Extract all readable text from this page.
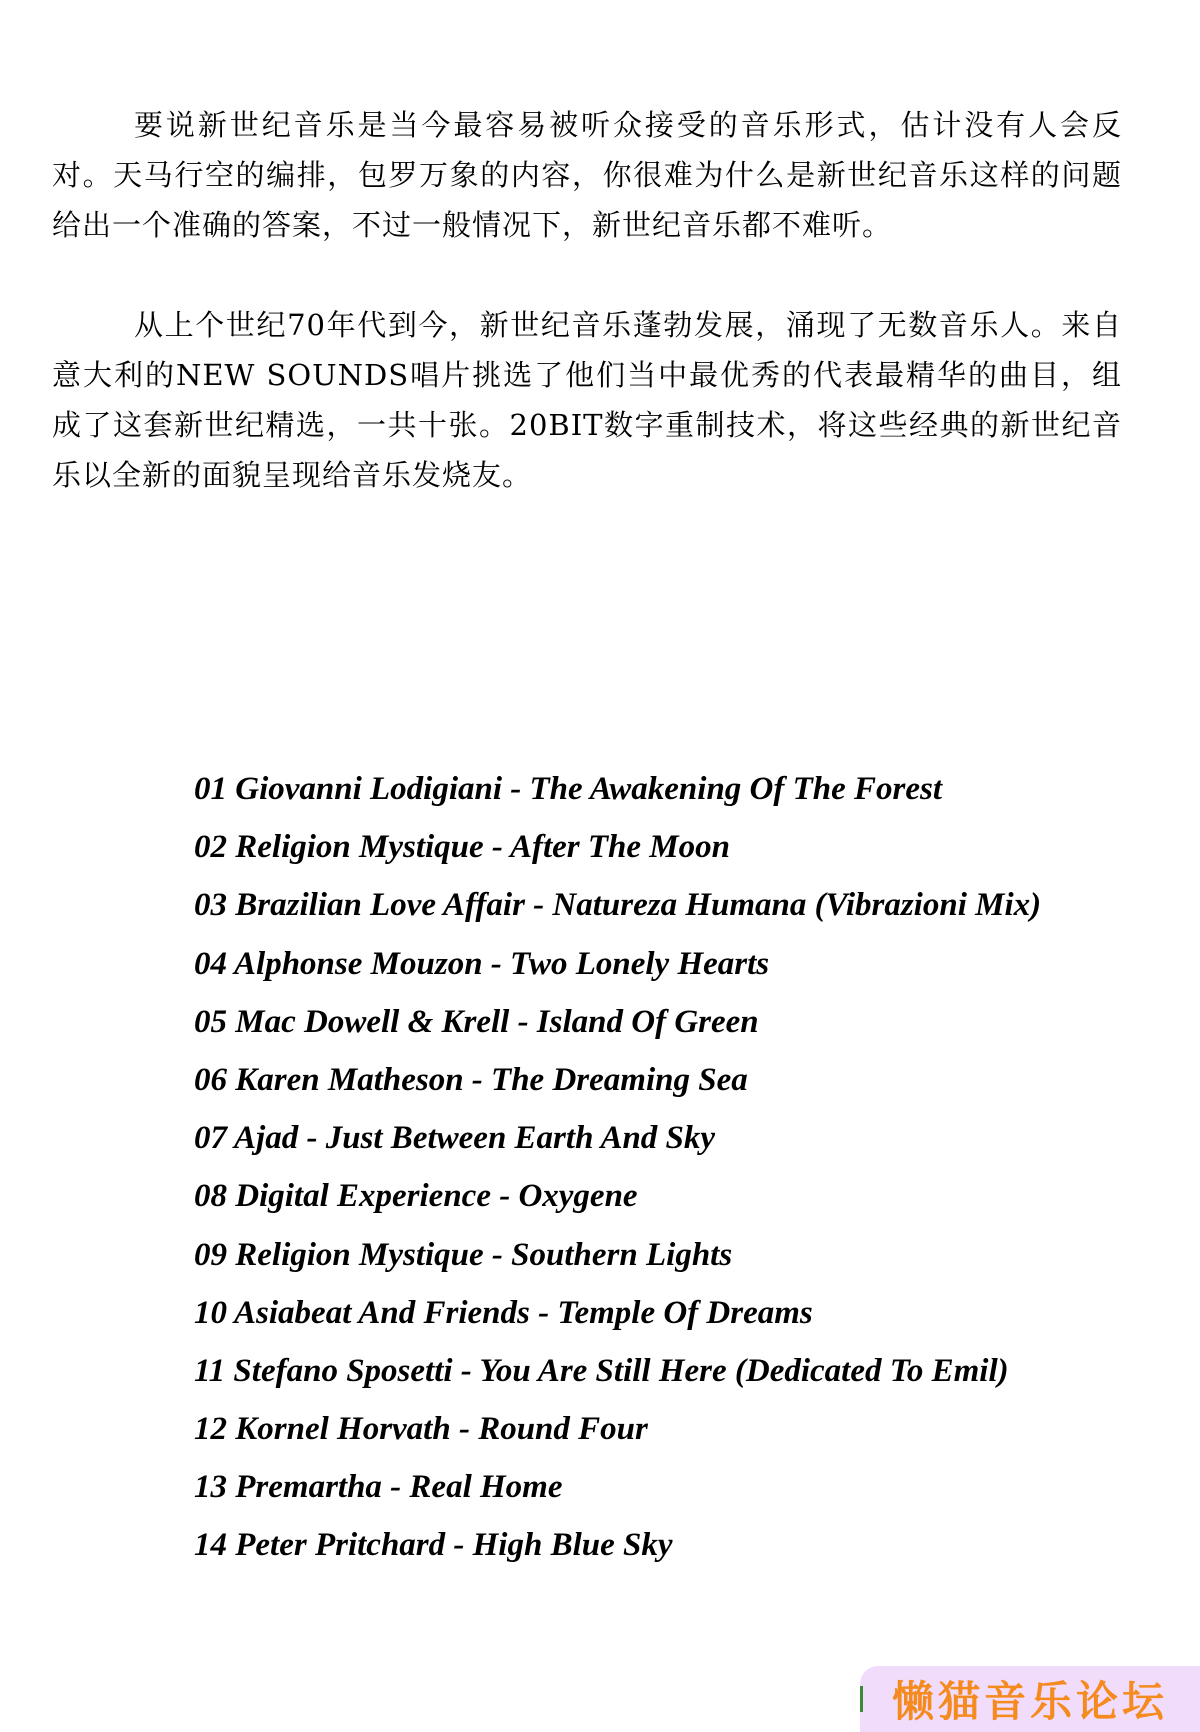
要说新世纪音乐是当今最容易被听众接受的音乐形式，估计没有人会反对。天马行空的编排，包罗万象的内容，你很难为什么是新世纪音乐这样的问题给出一个准确的答案，不过一般情况下，新世纪音乐都不难听。

从上个世纪70年代到今，新世纪音乐蓬勃发展，涌现了无数音乐人。来自意大利的NEW SOUNDS唱片挑选了他们当中最优秀的代表最精华的曲目，组成了这套新世纪精选，一共十张。20BIT数字重制技术，将这些经典的新世纪音乐以全新的面貌呈现给音乐发烧友。

01 Giovanni Lodigiani - The Awakening Of The Forest
02 Religion Mystique - After The Moon
03 Brazilian Love Affair - Natureza Humana (Vibrazioni Mix)
04 Alphonse Mouzon - Two Lonely Hearts
05 Mac Dowell & Krell - Island Of Green
06 Karen Matheson - The Dreaming Sea
07 Ajad - Just Between Earth And Sky
08 Digital Experience - Oxygene
09 Religion Mystique - Southern Lights
10 Asiabeat And Friends - Temple Of Dreams
11 Stefano Sposetti - You Are Still Here (Dedicated To Emil)
12 Kornel Horvath - Round Four
13 Premartha - Real Home
14 Peter Pritchard - High Blue Sky
懒猫音乐论坛
